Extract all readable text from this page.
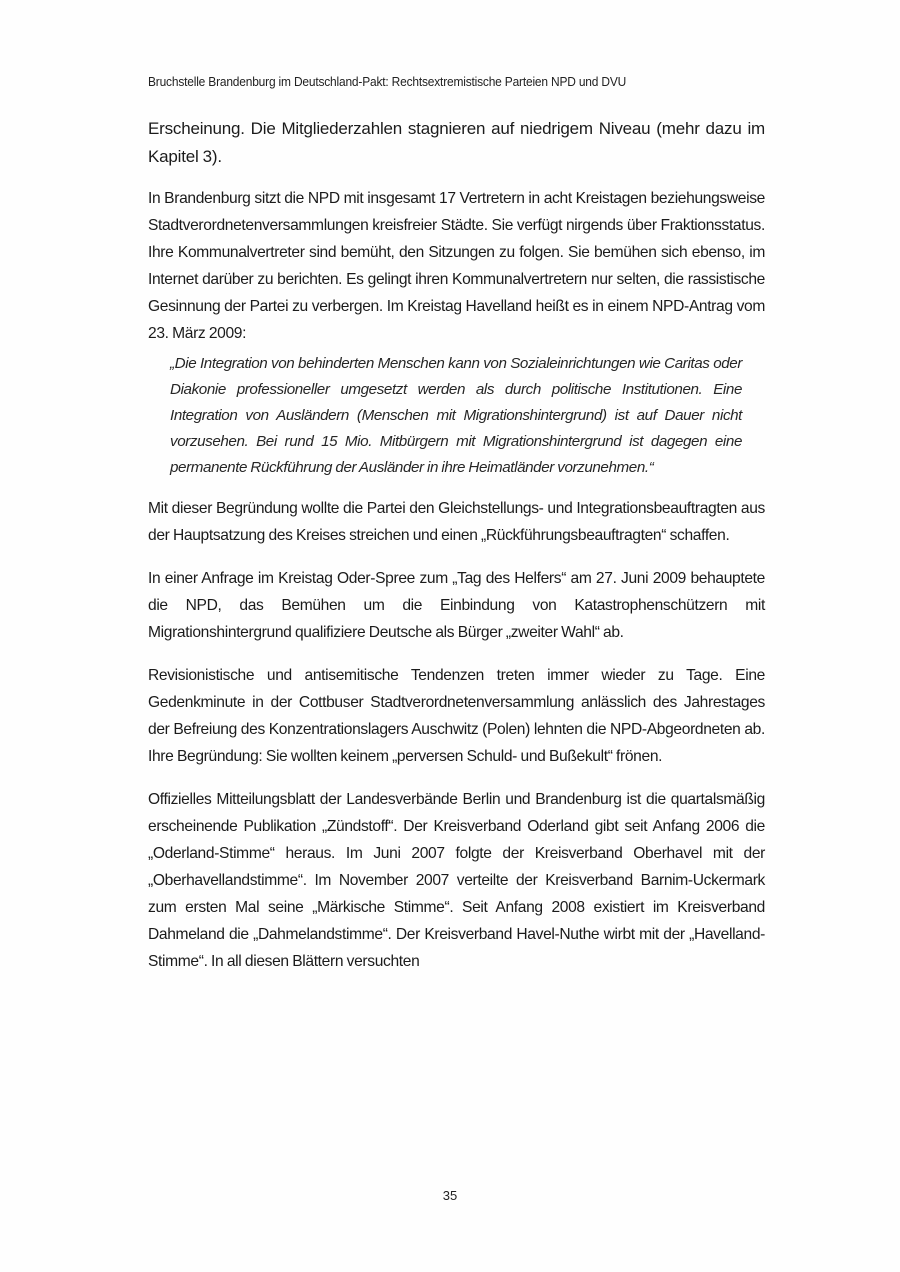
Bruchstelle Brandenburg im Deutschland-Pakt: Rechtsextremistische Parteien NPD und DVU

Erscheinung. Die Mitgliederzahlen stagnieren auf niedrigem Niveau (mehr dazu im Kapitel 3).

In Brandenburg sitzt die NPD mit insgesamt 17 Vertretern in acht Kreistagen beziehungsweise Stadtverordnetenversammlungen kreisfreier Städte. Sie verfügt nirgends über Fraktionsstatus. Ihre Kommunalvertreter sind bemüht, den Sitzungen zu folgen. Sie bemühen sich ebenso, im Internet darüber zu berichten. Es gelingt ihren Kommunalvertretern nur selten, die rassistische Gesinnung der Partei zu verbergen. Im Kreistag Havelland heißt es in einem NPD-Antrag vom 23. März 2009:

„Die Integration von behinderten Menschen kann von Sozialeinrichtungen wie Caritas oder Diakonie professioneller umgesetzt werden als durch politische Institutionen. Eine Integration von Ausländern (Menschen mit Migrationshintergrund) ist auf Dauer nicht vorzusehen. Bei rund 15 Mio. Mitbürgern mit Migrationshintergrund ist dagegen eine permanente Rückführung der Ausländer in ihre Heimatländer vorzunehmen.“

Mit dieser Begründung wollte die Partei den Gleichstellungs- und Integrationsbeauftragten aus der Hauptsatzung des Kreises streichen und einen „Rückführungsbeauftragten“ schaffen.

In einer Anfrage im Kreistag Oder-Spree zum „Tag des Helfers“ am 27. Juni 2009 behauptete die NPD, das Bemühen um die Einbindung von Katastrophenschützern mit Migrationshintergrund qualifiziere Deutsche als Bürger „zweiter Wahl“ ab.

Revisionistische und antisemitische Tendenzen treten immer wieder zu Tage. Eine Gedenkminute in der Cottbuser Stadtverordnetenversammlung anlässlich des Jahrestages der Befreiung des Konzentrationslagers Auschwitz (Polen) lehnten die NPD-Abgeordneten ab. Ihre Begründung: Sie wollten keinem „perversen Schuld- und Bußekult“ frönen.

Offizielles Mitteilungsblatt der Landesverbände Berlin und Brandenburg ist die quartalsmäßig erscheinende Publikation „Zündstoff“. Der Kreisverband Oderland gibt seit Anfang 2006 die „Oderland-Stimme“ heraus. Im Juni 2007 folgte der Kreisverband Oberhavel mit der „Oberhavellandstimme“. Im November 2007 verteilte der Kreisverband Barnim-Uckermark zum ersten Mal seine „Märkische Stimme“. Seit Anfang 2008 existiert im Kreisverband Dahmeland die „Dahmelandstimme“. Der Kreisverband Havel-Nuthe wirbt mit der „Havelland-Stimme“. In all diesen Blättern versuchten

35
